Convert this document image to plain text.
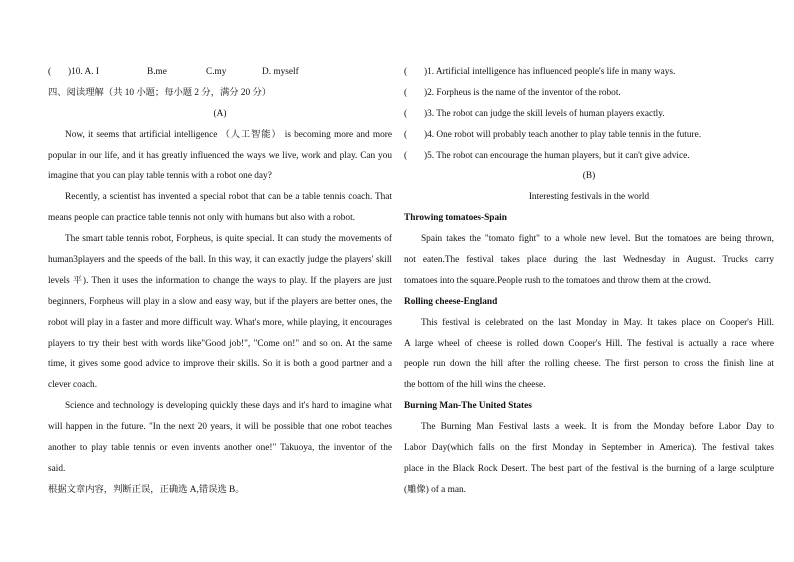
( )10. A. I	B.me	C.my	D. myself
四、阅读理解（共 10 小题；每小题 2 分，满分 20 分）
(A)
Now, it seems that artificial intelligence （人工智能） is becoming more and more
popular in our life, and it has greatly influenced the ways we live, work and play. Can you
imagine that you can play table tennis with a robot one day?
Recently, a scientist has invented a special robot that can be a table tennis coach. That
means people can practice table tennis not only with humans but also with a robot.
The smart table tennis robot, Forpheus, is quite special. It can study the movements of
human3players and the speeds of the ball. In this way, it can exactly judge the players' skill
levels 平). Then it uses the information to change the ways to play. If the players are just
beginners, Forpheus will play in a slow and easy way, but if the players are better ones, the
robot will play in a faster and more difficult way. What's more, while playing, it encourages
players to try their best with words like"Good job!", "Come on!" and so on. At the same
time, it gives some good advice to improve their skills. So it is both a good partner and a
clever coach.
Science and technology is developing quickly these days and it's hard to imagine what
will happen in the future. "In the next 20 years, it will be possible that one robot teaches
another to play table tennis or even invents another one!" Takuoya, the inventor of the
said.
根据文章内容，判断正误，正确选 A,错误选 B。
( )1. Artificial intelligence has influenced people's life in many ways.
( )2. Forpheus is the name of the inventor of the robot.
( )3. The robot can judge the skill levels of human players exactly.
( )4. One robot will probably teach another to play table tennis in the future.
( )5. The robot can encourage the human players, but it can't give advice.
(B)
Interesting festivals in the world
Throwing tomatoes-Spain
Spain takes the "tomato fight" to a whole new level. But the tomatoes are being thrown,
not eaten.The festival takes place during the last Wednesday in August. Trucks carry
tomatoes into the square.People rush to the tomatoes and throw them at the crowd.
Rolling cheese-England
This festival is celebrated on the last Monday in May. It takes place on Cooper's Hill.
A large wheel of cheese is rolled down Cooper's Hill. The festival is actually a race where
people run down the hill after the rolling cheese. The first person to cross the finish line at
the bottom of the hill wins the cheese.
Burning Man-The United States
The Burning Man Festival lasts a week. It is from the Monday before Labor Day to
Labor Day(which falls on the first Monday in September in America). The festival takes
place in the Black Rock Desert. The best part of the festival is the burning of a large sculpture
(雕像) of a man.
